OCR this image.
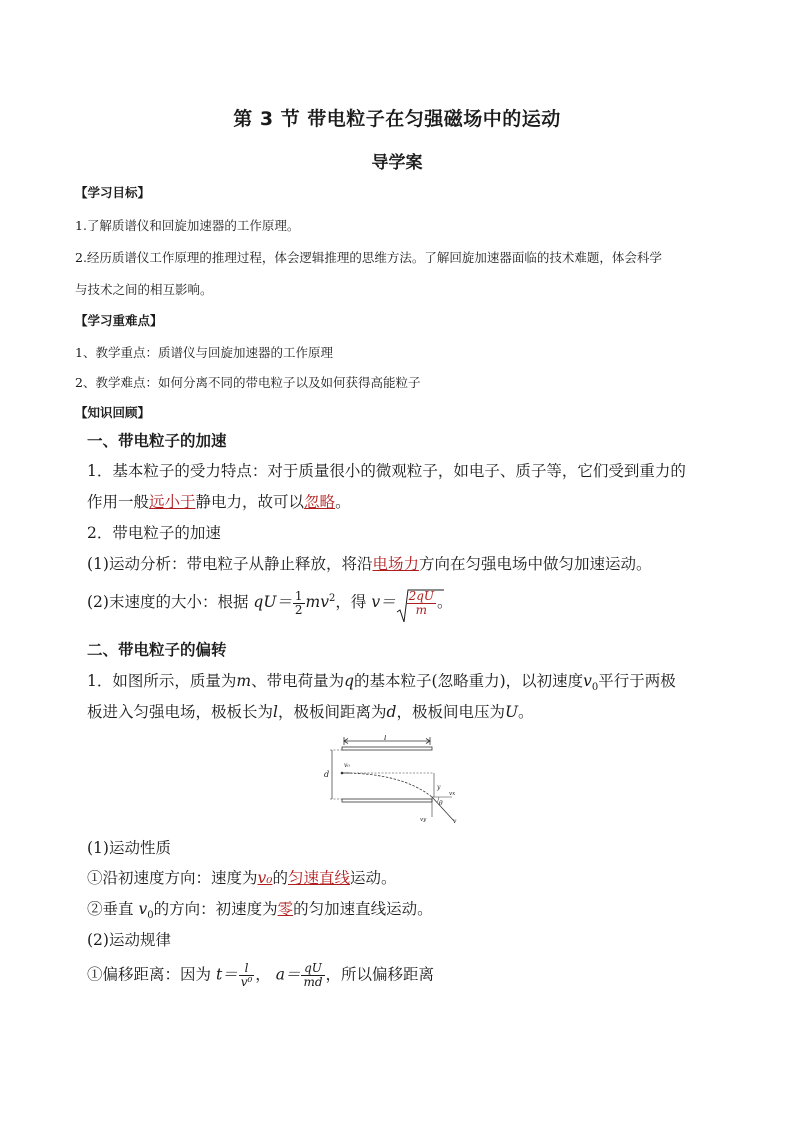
第 3 节 带电粒子在匀强磁场中的运动
导学案
【学习目标】
1.了解质谱仪和回旋加速器的工作原理。
2.经历质谱仪工作原理的推理过程，体会逻辑推理的思维方法。了解回旋加速器面临的技术难题，体会科学
与技术之间的相互影响。
【学习重难点】
1、教学重点：质谱仪与回旋加速器的工作原理
2、教学难点：如何分离不同的带电粒子以及如何获得高能粒子
【知识回顾】
一、带电粒子的加速
1．基本粒子的受力特点：对于质量很小的微观粒子，如电子、质子等，它们受到重力的
作用一般远小于静电力，故可以忽略。
2．带电粒子的加速
(1)运动分析：带电粒子从静止释放，将沿电场力方向在匀强电场中做匀加速运动。
(2)末速度的大小：根据 $qU= \frac{1}{2} mv^2$，得 $v= \frac{2qU}{m}$ 。
二、带电粒子的偏转
1．如图所示，质量为m、带电荷量为q的基本粒子(忽略重力)，以初速度$v_0$平行于两极
板进入匀强电场，极板长为l，极板间距离为d，极板间电压为U。
l
d
v₀
y
vx
vy
θ
v
(1)运动性质
①沿初速度方向：速度为v₀的匀速直线运动。
②垂直 $v_0$的方向：初速度为零的匀加速直线运动。
(2)运动规律
①偏移距离：因为 $t= \frac{l}{\text{v⁰}}$ ， $a= \frac{qU}{md}$ ，所以偏移距离
